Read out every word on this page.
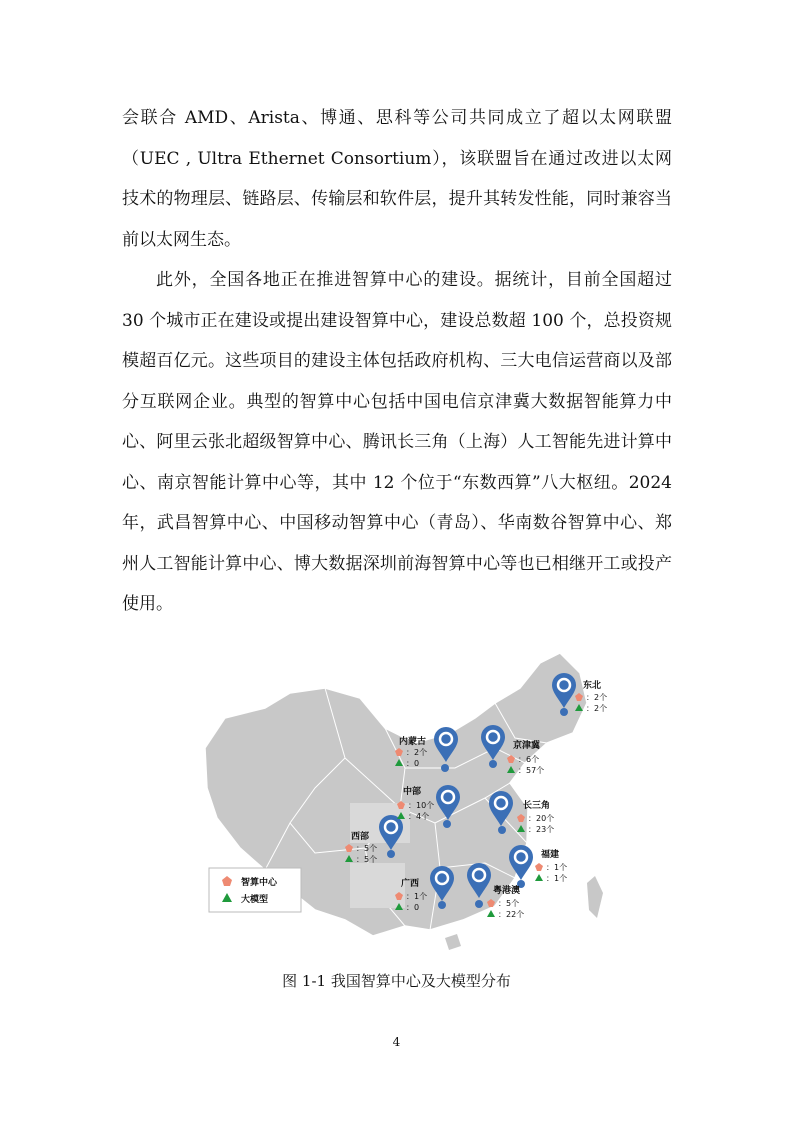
会联合 AMD、Arista、博通、思科等公司共同成立了超以太网联盟（UEC , Ultra Ethernet Consortium），该联盟旨在通过改进以太网技术的物理层、链路层、传输层和软件层，提升其转发性能，同时兼容当前以太网生态。

此外，全国各地正在推进智算中心的建设。据统计，目前全国超过 30 个城市正在建设或提出建设智算中心，建设总数超 100 个，总投资规模超百亿元。这些项目的建设主体包括政府机构、三大电信运营商以及部分互联网企业。典型的智算中心包括中国电信京津冀大数据智能算力中心、阿里云张北超级智算中心、腾讯长三角（上海）人工智能先进计算中心、南京智能计算中心等，其中 12 个位于“东数西算”八大枢纽。2024 年，武昌智算中心、中国移动智算中心（青岛）、华南数谷智算中心、郑州人工智能计算中心、博大数据深圳前海智算中心等也已相继开工或投产使用。

东北
：2个
：2个
内蒙古
：2个
：0
京津冀
：6个
：57个
中部
：10个
：4个
长三角
：20个
：23个
西部
：5个
：5个	福建
：1个
：1个
广西
：1个
：0
粤港澳
：5个
：22个
智算中心
大模型
图 1-1 我国智算中心及大模型分布
4
